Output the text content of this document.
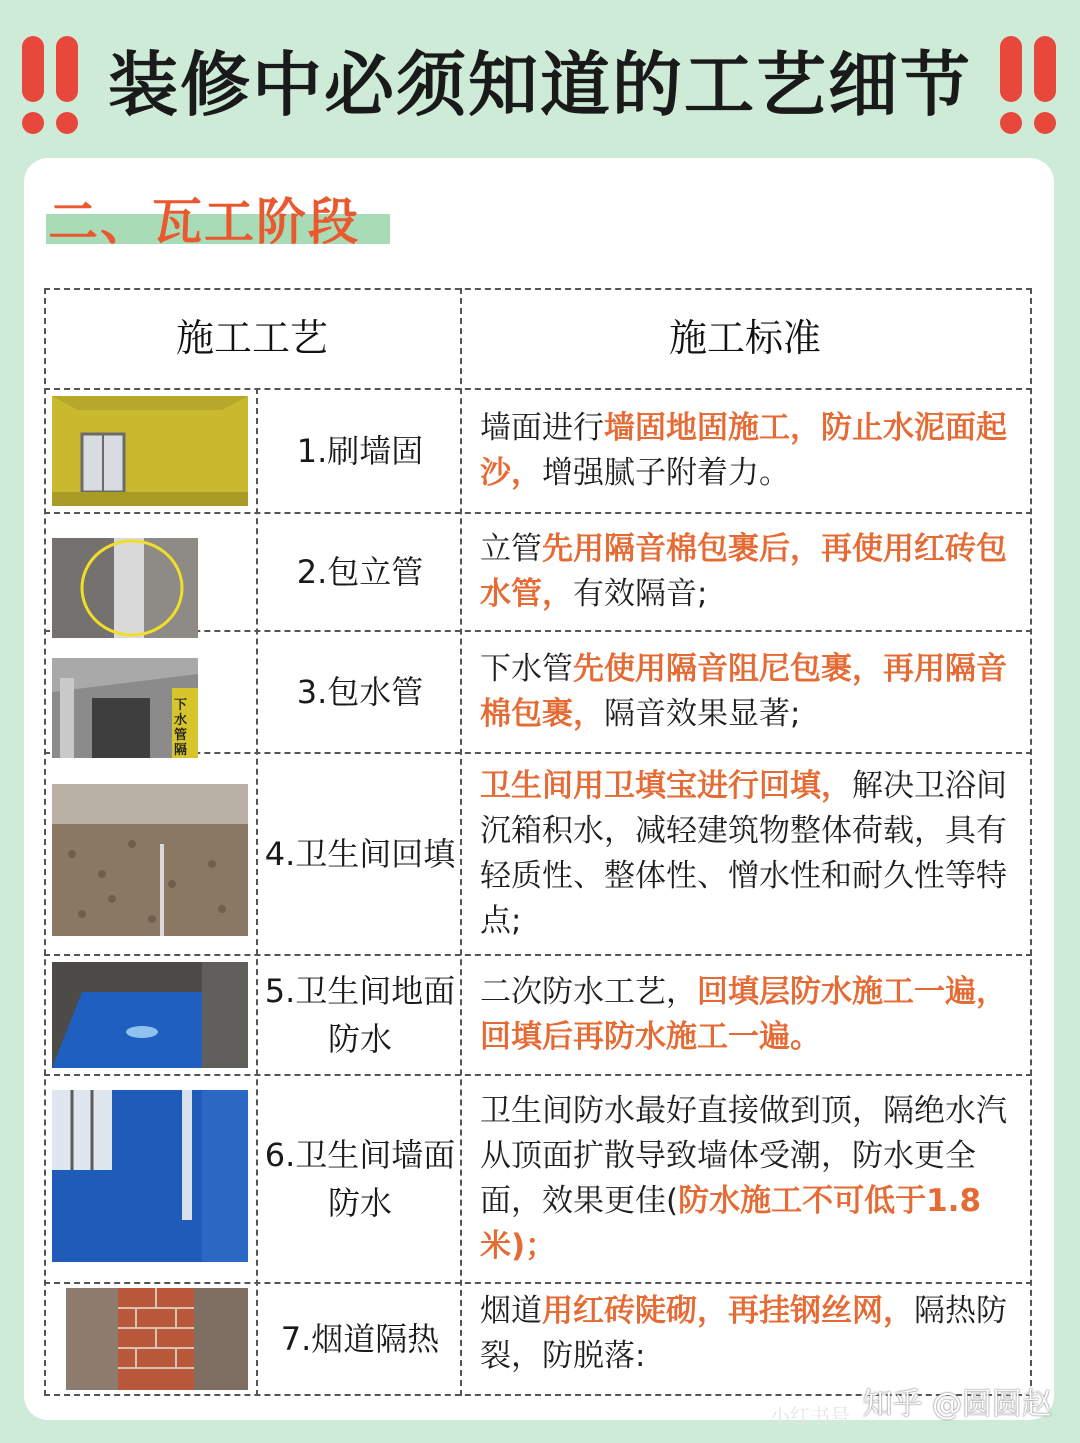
装修中必须知道的工艺细节
二、瓦工阶段
施工工艺	施工标准
1.刷墙固
墙面进行墙固地固施工，防止水泥面起沙，增强腻子附着力。
2.包立管
立管先用隔音棉包裹后，再使用红砖包水管，有效隔音;
下水管隔
3.包水管
下水管先使用隔音阻尼包裹，再用隔音棉包裹，隔音效果显著;
4.卫生间回填
卫生间用卫填宝进行回填，解决卫浴间沉箱积水，减轻建筑物整体荷载，具有轻质性、整体性、憎水性和耐久性等特点;
5.卫生间地面防水
二次防水工艺，回填层防水施工一遍，回填后再防水施工一遍。
6.卫生间墙面防水
卫生间防水最好直接做到顶，隔绝水汽从顶面扩散导致墙体受潮，防水更全面，效果更佳(防水施工不可低于1.8米)；
7.烟道隔热
烟道用红砖陡砌，再挂钢丝网，隔热防裂，防脱落:
小红书号 知乎 @圆圆赵
